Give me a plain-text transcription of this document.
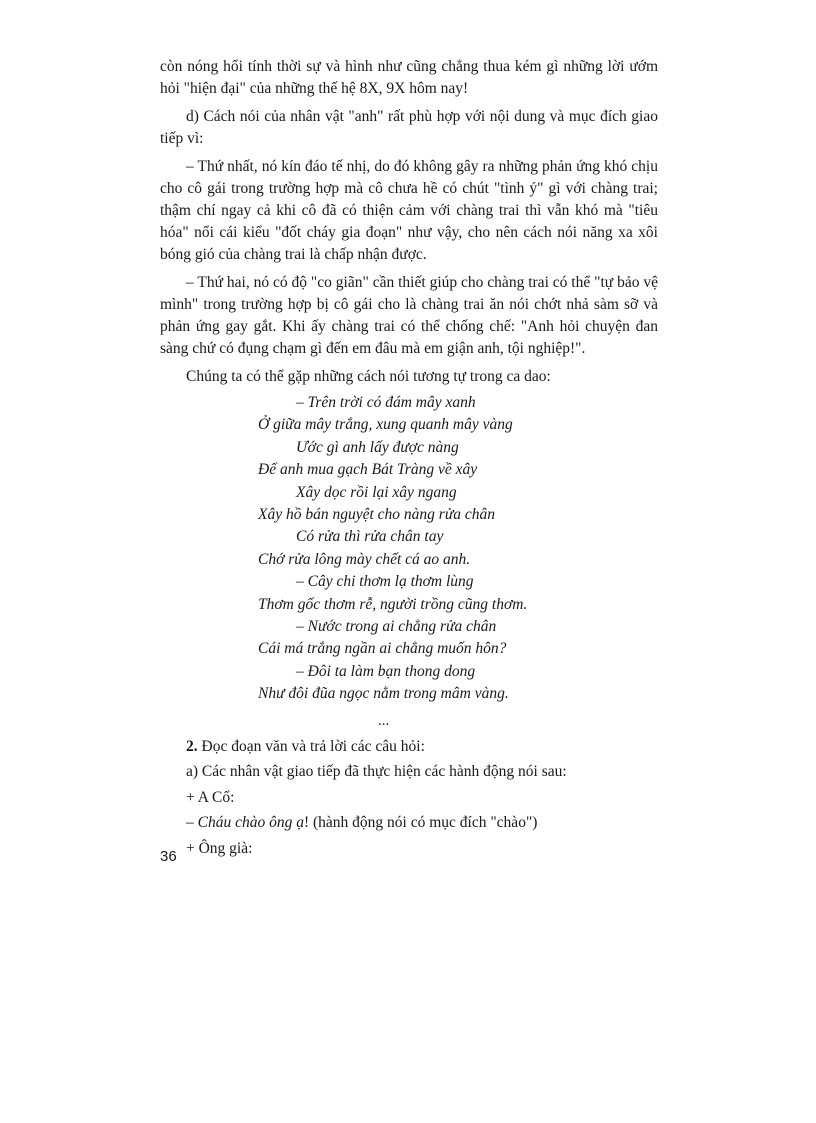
còn nóng hổi tính thời sự và hình như cũng chẳng thua kém gì những lời ướm hỏi "hiện đại" của những thế hệ 8X, 9X hôm nay!

d) Cách nói của nhân vật "anh" rất phù hợp với nội dung và mục đích giao tiếp vì:

– Thứ nhất, nó kín đáo tế nhị, do đó không gây ra những phản ứng khó chịu cho cô gái trong trường hợp mà cô chưa hề có chút "tình ý" gì với chàng trai; thậm chí ngay cả khi cô đã có thiện cảm với chàng trai thì vẫn khó mà "tiêu hóa" nổi cái kiểu "đốt cháy gia đoạn" như vậy, cho nên cách nói năng xa xôi bóng gió của chàng trai là chấp nhận được.

– Thứ hai, nó có độ "co giãn" cần thiết giúp cho chàng trai có thể "tự bảo vệ mình" trong trường hợp bị cô gái cho là chàng trai ăn nói chớt nhả sàm sỡ và phản ứng gay gắt. Khi ấy chàng trai có thể chống chế: "Anh hỏi chuyện đan sàng chứ có đụng chạm gì đến em đâu mà em giận anh, tội nghiệp!".

Chúng ta có thể gặp những cách nói tương tự trong ca dao:

– Trên trời có đám mây xanh
Ở giữa mây trắng, xung quanh mây vàng
Ước gì anh lấy được nàng
Để anh mua gạch Bát Tràng về xây
Xây dọc rồi lại xây ngang
Xây hồ bán nguyệt cho nàng rửa chân
Có rửa thì rửa chân tay
Chớ rửa lông mày chết cá ao anh.
– Cây chi thơm lạ thơm lùng
Thơm gốc thơm rễ, người trồng cũng thơm.
– Nước trong ai chẳng rửa chân
Cái má trắng ngần ai chẳng muốn hôn?
– Đôi ta làm bạn thong dong
Như đôi đũa ngọc nằm trong mâm vàng.
...

2. Đọc đoạn văn và trả lời các câu hỏi:

a) Các nhân vật giao tiếp đã thực hiện các hành động nói sau:

+ A Cổ:

– Cháu chào ông ạ! (hành động nói có mục đích "chào")

+ Ông già:

36
